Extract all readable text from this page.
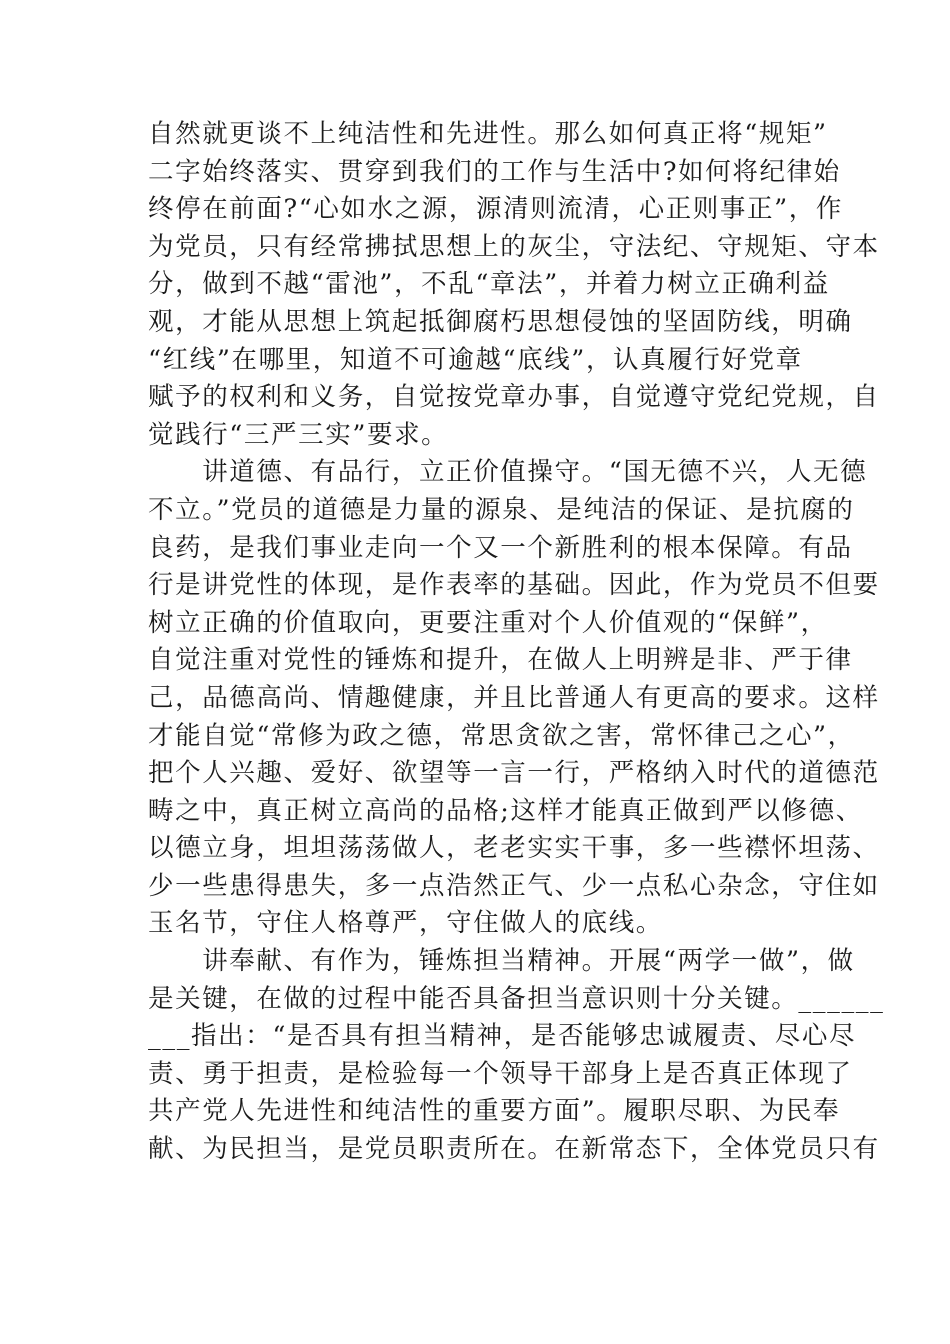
自然就更谈不上纯洁性和先进性。那么如何真正将“规矩”
二字始终落实、贯穿到我们的工作与生活中?如何将纪律始
终停在前面?“心如水之源，源清则流清，心正则事正”，作
为党员，只有经常拂拭思想上的灰尘，守法纪、守规矩、守本
分，做到不越“雷池”，不乱“章法”，并着力树立正确利益
观，才能从思想上筑起抵御腐朽思想侵蚀的坚固防线，明确
“红线”在哪里，知道不可逾越“底线”，认真履行好党章
赋予的权利和义务，自觉按党章办事，自觉遵守党纪党规，自
觉践行“三严三实”要求。
　　讲道德、有品行，立正价值操守。“国无德不兴，人无德
不立。”党员的道德是力量的源泉、是纯洁的保证、是抗腐的
良药，是我们事业走向一个又一个新胜利的根本保障。有品
行是讲党性的体现，是作表率的基础。因此，作为党员不但要
树立正确的价值取向，更要注重对个人价值观的“保鲜”，
自觉注重对党性的锤炼和提升，在做人上明辨是非、严于律
己，品德高尚、情趣健康，并且比普通人有更高的要求。这样
才能自觉“常修为政之德，常思贪欲之害，常怀律己之心”，
把个人兴趣、爱好、欲望等一言一行，严格纳入时代的道德范
畴之中，真正树立高尚的品格;这样才能真正做到严以修德、
以德立身，坦坦荡荡做人，老老实实干事，多一些襟怀坦荡、
少一些患得患失，多一点浩然正气、少一点私心杂念，守住如
玉名节，守住人格尊严，守住做人的底线。
　　讲奉献、有作为，锤炼担当精神。开展“两学一做”，做
是关键，在做的过程中能否具备担当意识则十分关键。______
___指出：“是否具有担当精神，是否能够忠诚履责、尽心尽
责、勇于担责，是检验每一个领导干部身上是否真正体现了
共产党人先进性和纯洁性的重要方面”。履职尽职、为民奉
献、为民担当，是党员职责所在。在新常态下，全体党员只有
